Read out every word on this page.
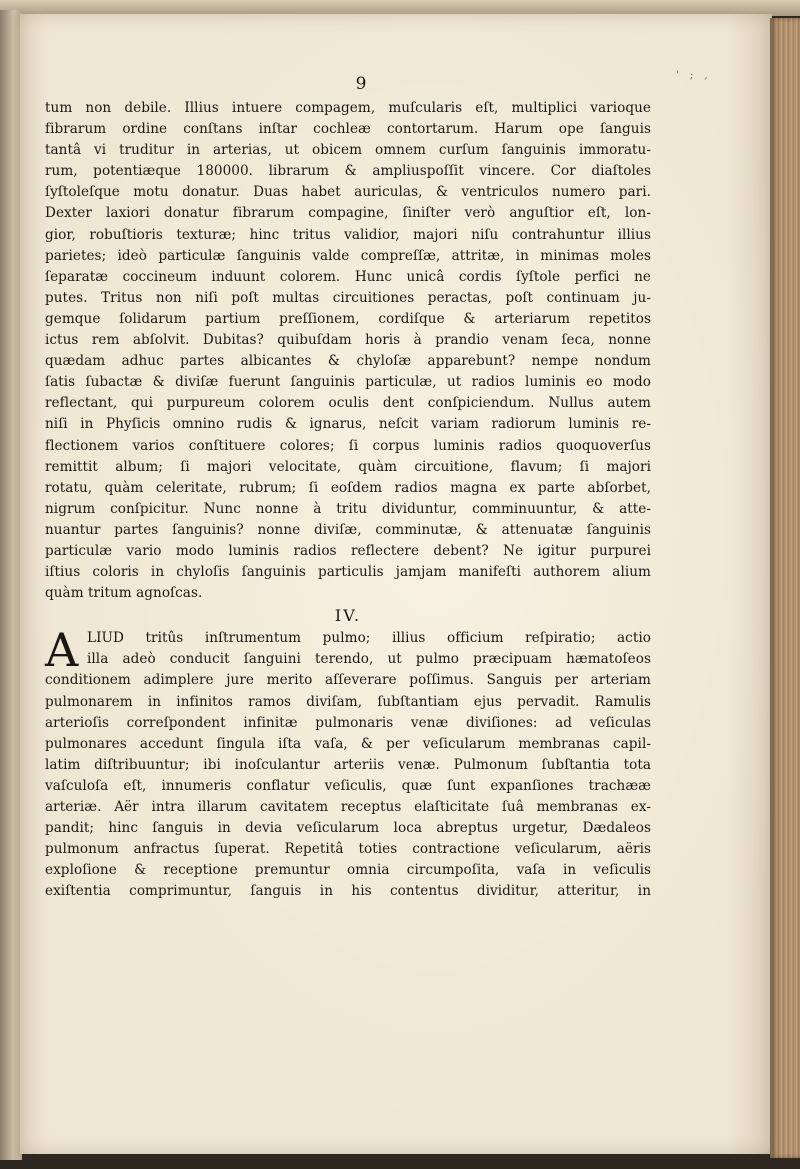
' ; ,
9
tum non debile. Illius intuere compagem, muſcularis eſt, multiplici varioque
fibrarum ordine conſtans inſtar cochleæ contortarum. Harum ope ſanguis
tantâ vi truditur in arterias, ut obicem omnem curſum ſanguinis immoratu-
rum, potentiæque 180000. librarum & ampliuspoſſit vincere. Cor diaſtoles
ſyſtoleſque motu donatur. Duas habet auriculas, & ventriculos numero pari.
Dexter laxiori donatur fibrarum compagine, ſiniſter verò anguſtior eſt, lon-
gior, robuſtioris texturæ; hinc tritus validior, majori niſu contrahuntur illius
parietes; ideò particulæ ſanguinis valde compreſſæ, attritæ, in minimas moles
ſeparatæ coccineum induunt colorem. Hunc unicâ cordis ſyſtole perfici ne
putes. Tritus non niſi poſt multas circuitiones peractas, poſt continuam ju-
gemque ſolidarum partium preſſionem, cordiſque & arteriarum repetitos
ictus rem abſolvit. Dubitas? quibuſdam horis à prandio venam ſeca, nonne
quædam adhuc partes albicantes & chyloſæ apparebunt? nempe nondum
ſatis ſubactæ & diviſæ fuerunt ſanguinis particulæ, ut radios luminis eo modo
reflectant, qui purpureum colorem oculis dent conſpiciendum. Nullus autem
niſi in Phyſicis omnino rudis & ignarus, neſcit variam radiorum luminis re-
flectionem varios conſtituere colores; ſi corpus luminis radios quoquoverſus
remittit album; ſi majori velocitate, quàm circuitione, flavum; ſi majori
rotatu, quàm celeritate, rubrum; ſi eoſdem radios magna ex parte abſorbet,
nigrum conſpicitur. Nunc nonne à tritu dividuntur, comminuuntur, & atte-
nuantur partes ſanguinis? nonne diviſæ, comminutæ, & attenuatæ ſanguinis
particulæ vario modo luminis radios reflectere debent? Ne igitur purpurei
iſtius coloris in chyloſis ſanguinis particulis jamjam manifeſti authorem alium
quàm tritum agnoſcas.
IV.
A LIUD tritûs inſtrumentum pulmo; illius officium reſpiratio; actio
illa adeò conducit ſanguini terendo, ut pulmo præcipuam hæmatoſeos
conditionem adimplere jure merito aſſeverare poſſimus. Sanguis per arteriam
pulmonarem in infinitos ramos diviſam, ſubſtantiam ejus pervadit. Ramulis
arterioſis correſpondent infinitæ pulmonaris venæ diviſiones: ad veſiculas
pulmonares accedunt ſingula iſta vaſa, & per veſicularum membranas capil-
latim diſtribuuntur; ibi inoſculantur arteriis venæ. Pulmonum ſubſtantia tota
vaſculoſa eſt, innumeris conflatur veſiculis, quæ ſunt expanſiones trachææ
arteriæ. Aër intra illarum cavitatem receptus elaſticitate ſuâ membranas ex-
pandit; hinc ſanguis in devia veſicularum loca abreptus urgetur, Dædaleos
pulmonum anfractus ſuperat. Repetitâ toties contractione veſicularum, aëris
exploſione & receptione premuntur omnia circumpoſita, vaſa in veſiculis
exiſtentia comprimuntur, ſanguis in his contentus dividitur, atteritur, in
